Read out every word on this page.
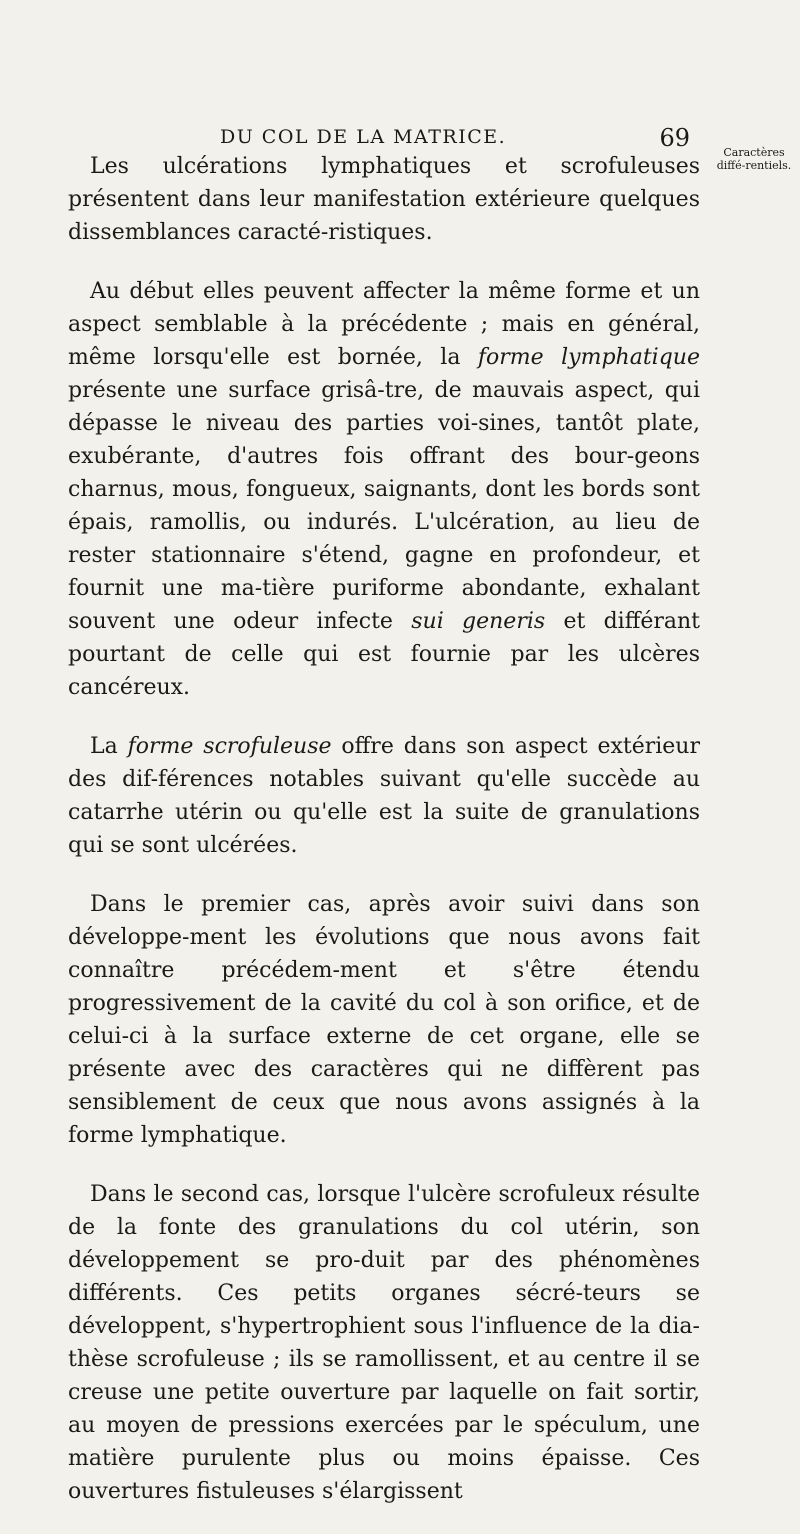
DU COL DE LA MATRICE.	69
Caractères diffé-rentiels.

Les ulcérations lymphatiques et scrofuleuses présentent dans leur manifestation extérieure quelques dissemblances caracté-ristiques.

Au début elles peuvent affecter la même forme et un aspect semblable à la précédente ; mais en général, même lorsqu'elle est bornée, la forme lymphatique présente une surface grisâ-tre, de mauvais aspect, qui dépasse le niveau des parties voi-sines, tantôt plate, exubérante, d'autres fois offrant des bour-geons charnus, mous, fongueux, saignants, dont les bords sont épais, ramollis, ou indurés. L'ulcération, au lieu de rester stationnaire s'étend, gagne en profondeur, et fournit une ma-tière puriforme abondante, exhalant souvent une odeur infecte sui generis et différant pourtant de celle qui est fournie par les ulcères cancéreux.

La forme scrofuleuse offre dans son aspect extérieur des dif-férences notables suivant qu'elle succède au catarrhe utérin ou qu'elle est la suite de granulations qui se sont ulcérées.

Dans le premier cas, après avoir suivi dans son développe-ment les évolutions que nous avons fait connaître précédem-ment et s'être étendu progressivement de la cavité du col à son orifice, et de celui-ci à la surface externe de cet organe, elle se présente avec des caractères qui ne diffèrent pas sensiblement de ceux que nous avons assignés à la forme lymphatique.

Dans le second cas, lorsque l'ulcère scrofuleux résulte de la fonte des granulations du col utérin, son développement se pro-duit par des phénomènes différents. Ces petits organes sécré-teurs se développent, s'hypertrophient sous l'influence de la dia-thèse scrofuleuse ; ils se ramollissent, et au centre il se creuse une petite ouverture par laquelle on fait sortir, au moyen de pressions exercées par le spéculum, une matière purulente plus ou moins épaisse. Ces ouvertures fistuleuses s'élargissent
